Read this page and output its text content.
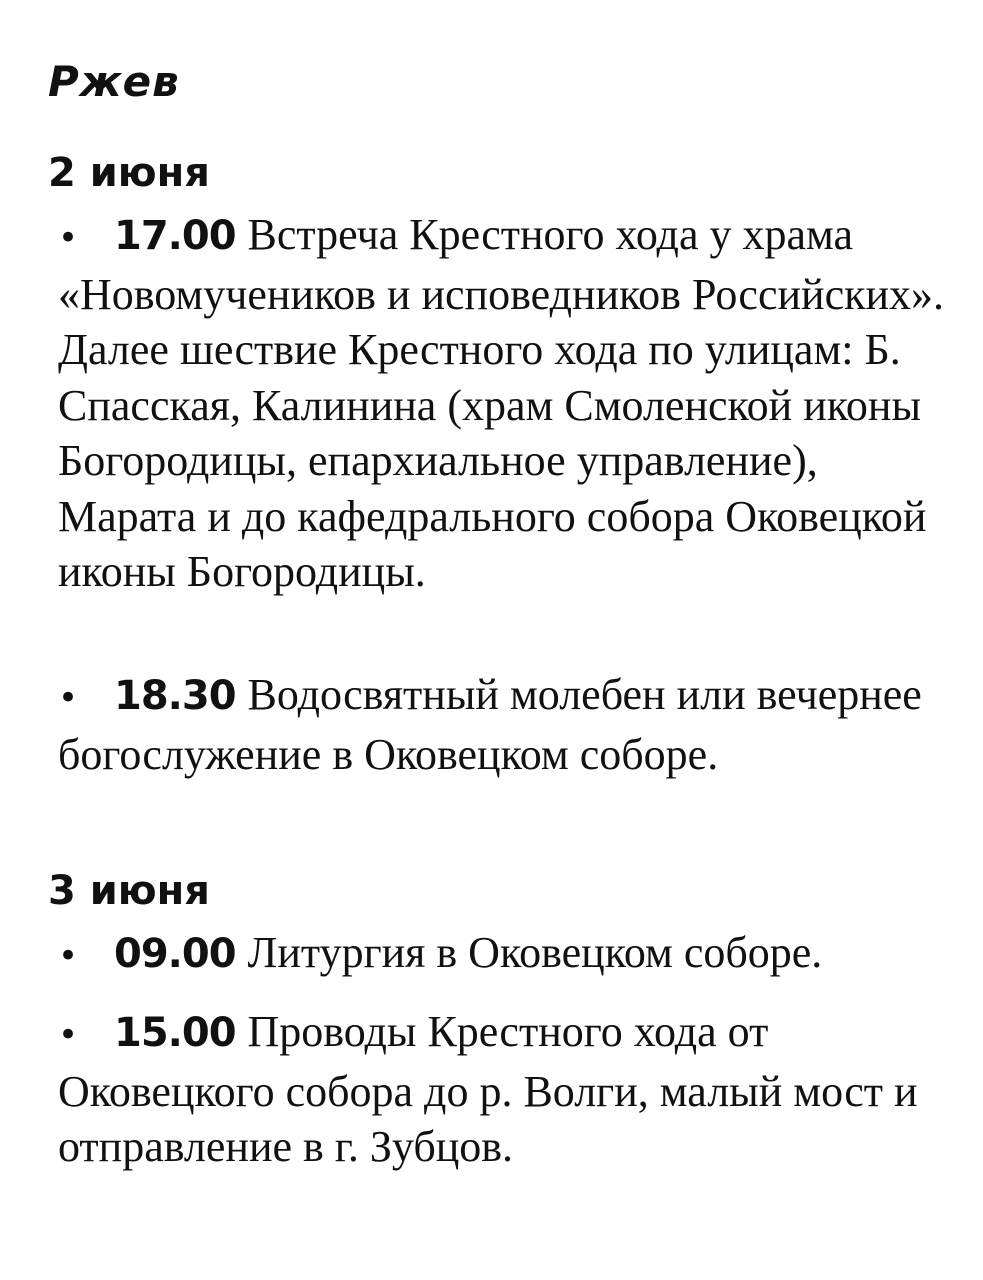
Ржев
2 июня

• 17.00 Встреча Крестного хода у храма «Новомучеников и исповедников Российских». Далее шествие Крестного хода по улицам: Б. Спасская, Калинина (храм Смоленской иконы Богородицы, епархиальное управление), Марата и до кафедрального собора Оковецкой иконы Богородицы.

• 18.30 Водосвятный молебен или вечернее богослужение в Оковецком соборе.

3 июня

• 09.00 Литургия в Оковецком соборе.

• 15.00 Проводы Крестного хода от Оковецкого собора до р. Волги, малый мост и отправление в г. Зубцов.
